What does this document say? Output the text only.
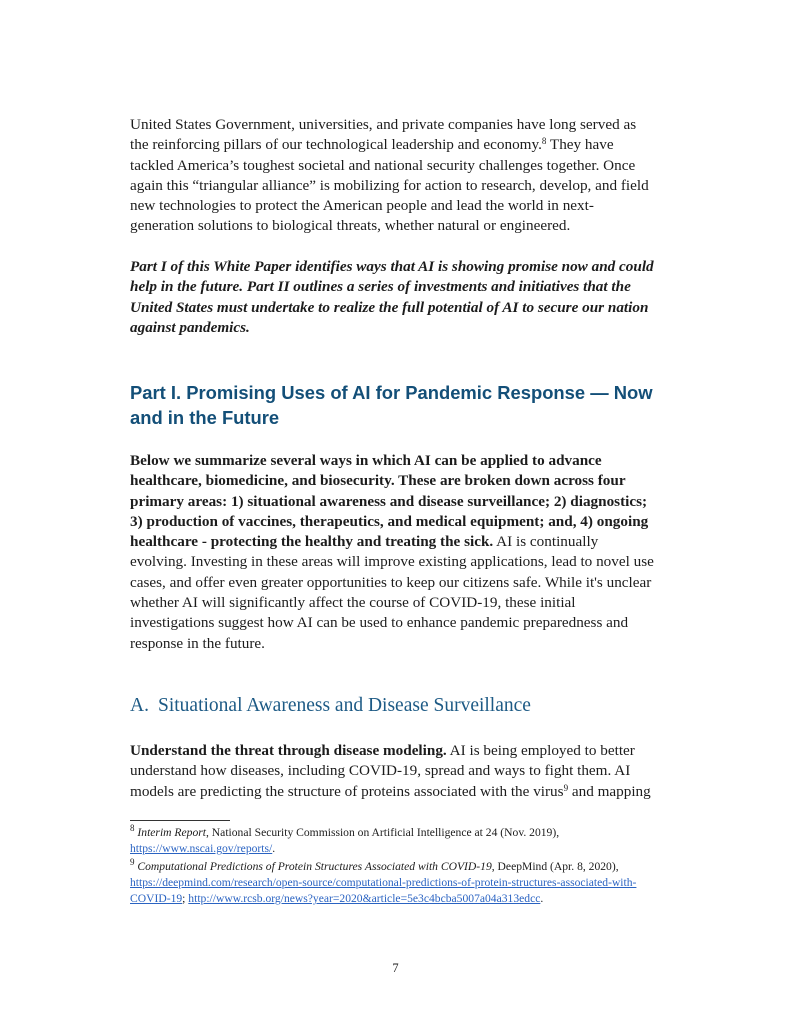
United States Government, universities, and private companies have long served as the reinforcing pillars of our technological leadership and economy.$^8$ They have tackled America’s toughest societal and national security challenges together. Once again this “triangular alliance” is mobilizing for action to research, develop, and field new technologies to protect the American people and lead the world in next-generation solutions to biological threats, whether natural or engineered.

Part I of this White Paper identifies ways that AI is showing promise now and could help in the future. Part II outlines a series of investments and initiatives that the United States must undertake to realize the full potential of AI to secure our nation against pandemics.

Part I. Promising Uses of AI for Pandemic Response — Now and in the Future

Below we summarize several ways in which AI can be applied to advance healthcare, biomedicine, and biosecurity. These are broken down across four primary areas: 1) situational awareness and disease surveillance; 2) diagnostics; 3) production of vaccines, therapeutics, and medical equipment; and, 4) ongoing healthcare - protecting the healthy and treating the sick. AI is continually evolving. Investing in these areas will improve existing applications, lead to novel use cases, and offer even greater opportunities to keep our citizens safe. While it's unclear whether AI will significantly affect the course of COVID-19, these initial investigations suggest how AI can be used to enhance pandemic preparedness and response in the future.

A. Situational Awareness and Disease Surveillance

Understand the threat through disease modeling. AI is being employed to better understand how diseases, including COVID-19, spread and ways to fight them. AI models are predicting the structure of proteins associated with the virus$^9$ and mapping

$^8$ Interim Report, National Security Commission on Artificial Intelligence at 24 (Nov. 2019), https://www.nscai.gov/reports/.

$^9$ Computational Predictions of Protein Structures Associated with COVID-19, DeepMind (Apr. 8, 2020), https://deepmind.com/research/open-source/computational-predictions-of-protein-structures-associated-with-COVID-19; http://www.rcsb.org/news?year=2020&article=5e3c4bcba5007a04a313edcc.

7
